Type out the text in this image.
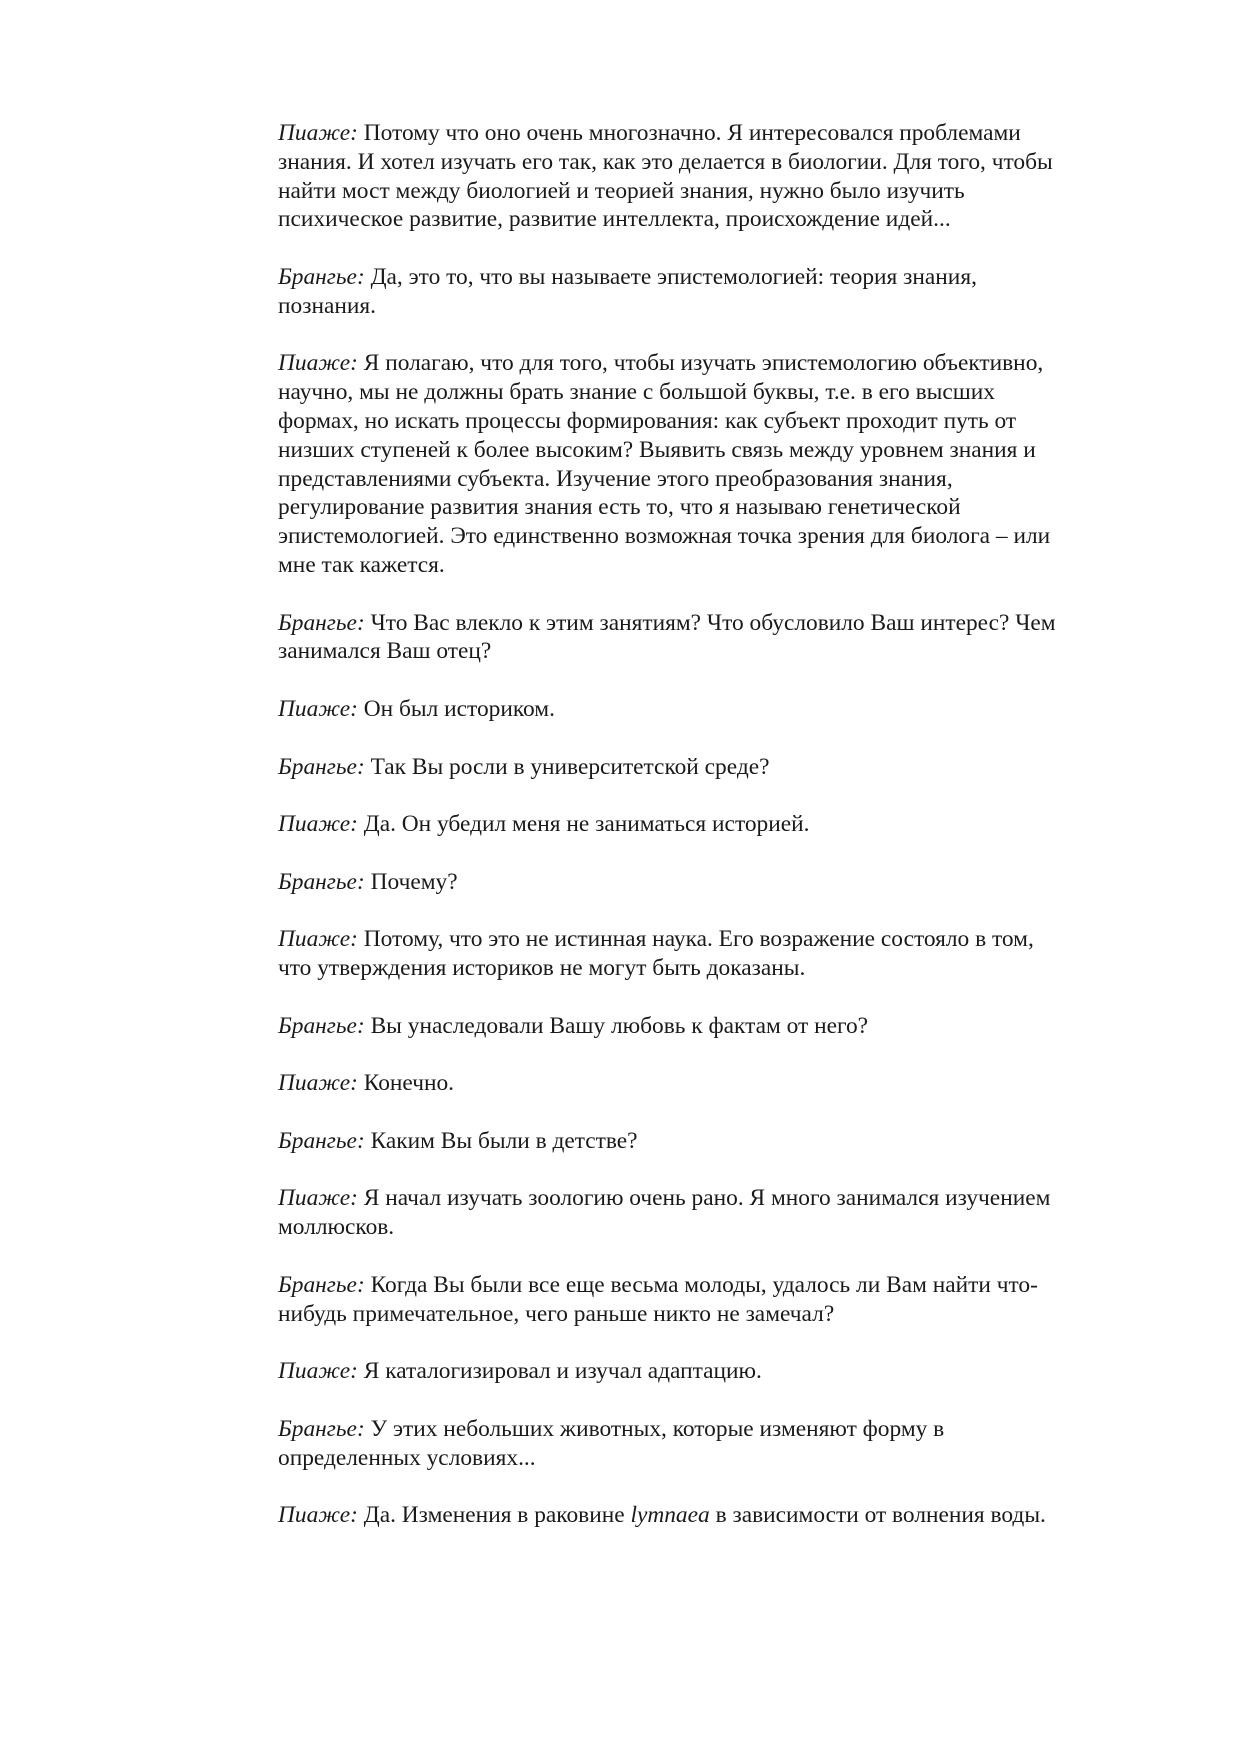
Пиаже: Потому что оно очень многозначно. Я интересовался проблемами знания. И хотел изучать его так, как это делается в биологии. Для того, чтобы найти мост между биологией и теорией знания, нужно было изучить психическое развитие, развитие интеллекта, происхождение идей...

Брангье: Да, это то, что вы называете эпистемологией: теория знания, познания.

Пиаже: Я полагаю, что для того, чтобы изучать эпистемологию объективно, научно, мы не должны брать знание с большой буквы, т.е. в его высших формах, но искать процессы формирования: как субъект проходит путь от низших ступеней к более высоким? Выявить связь между уровнем знания и представлениями субъекта. Изучение этого преобразования знания, регулирование развития знания есть то, что я называю генетической эпистемологией. Это единственно возможная точка зрения для биолога – или мне так кажется.

Брангье: Что Вас влекло к этим занятиям? Что обусловило Ваш интерес? Чем занимался Ваш отец?

Пиаже: Он был историком.

Брангье: Так Вы росли в университетской среде?

Пиаже: Да. Он убедил меня не заниматься историей.

Брангье: Почему?

Пиаже: Потому, что это не истинная наука. Его возражение состояло в том, что утверждения историков не могут быть доказаны.

Брангье: Вы унаследовали Вашу любовь к фактам от него?

Пиаже: Конечно.

Брангье: Каким Вы были в детстве?

Пиаже: Я начал изучать зоологию очень рано. Я много занимался изучением моллюсков.

Брангье: Когда Вы были все еще весьма молоды, удалось ли Вам найти что-нибудь примечательное, чего раньше никто не замечал?

Пиаже: Я каталогизировал и изучал адаптацию.

Брангье: У этих небольших животных, которые изменяют форму в определенных условиях...

Пиаже: Да. Изменения в раковине lymnaea в зависимости от волнения воды.
